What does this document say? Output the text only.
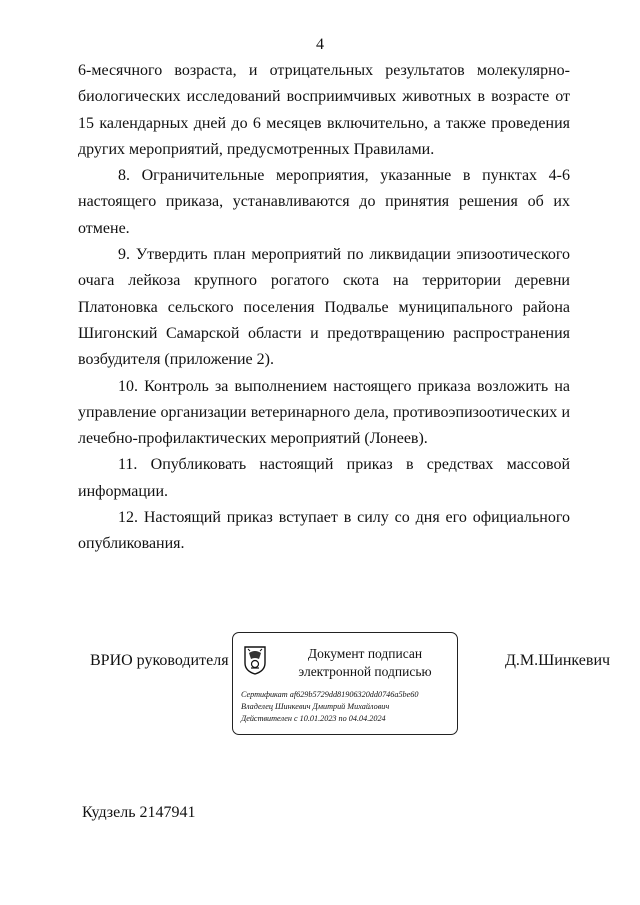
4

6-месячного возраста, и отрицательных результатов молекулярно-биологических исследований восприимчивых животных в возрасте от 15 календарных дней до 6 месяцев включительно, а также проведения других мероприятий, предусмотренных Правилами.

8. Ограничительные мероприятия, указанные в пунктах 4-6 настоящего приказа, устанавливаются до принятия решения об их отмене.

9. Утвердить план мероприятий по ликвидации эпизоотического очага лейкоза крупного рогатого скота на территории деревни Платоновка сельского поселения Подвалье муниципального района Шигонский Самарской области и предотвращению распространения возбудителя (приложение 2).

10. Контроль за выполнением настоящего приказа возложить на управление организации ветеринарного дела, противоэпизоотических и лечебно-профилактических мероприятий (Лонеев).

11. Опубликовать настоящий приказ в средствах массовой информации.

12. Настоящий приказ вступает в силу со дня его официального опубликования.

ВРИО руководителя	Документ подписан
электронной подписью
Сертификат af629b5729dd81906320dd0746a5be60
Владелец Шинкевич Дмитрий Михайлович
Действителен с 10.01.2023 по 04.04.2024
Д.М.Шинкевич
Кудзель 2147941
